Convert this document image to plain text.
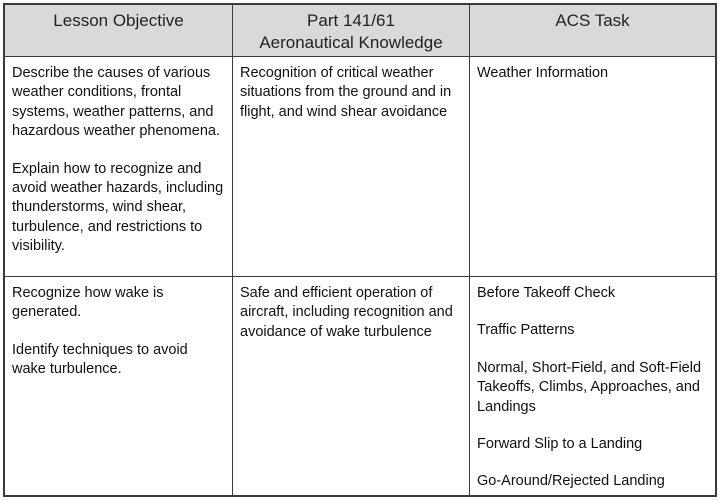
Lesson Objective	Part 141/61
Aeronautical Knowledge
ACS Task

Describe the causes of various weather conditions, frontal systems, weather patterns, and hazardous weather phenomena.

Explain how to recognize and avoid weather hazards, including thunderstorms, wind shear, turbulence, and restrictions to visibility.

Recognition of critical weather situations from the ground and in flight, and wind shear avoidance

Weather Information

Recognize how wake is generated.

Identify techniques to avoid wake turbulence.

Safe and efficient operation of aircraft, including recognition and avoidance of wake turbulence

Before Takeoff Check

Traffic Patterns

Normal, Short-Field, and Soft-Field Takeoffs, Climbs, Approaches, and Landings

Forward Slip to a Landing

Go-Around/Rejected Landing
